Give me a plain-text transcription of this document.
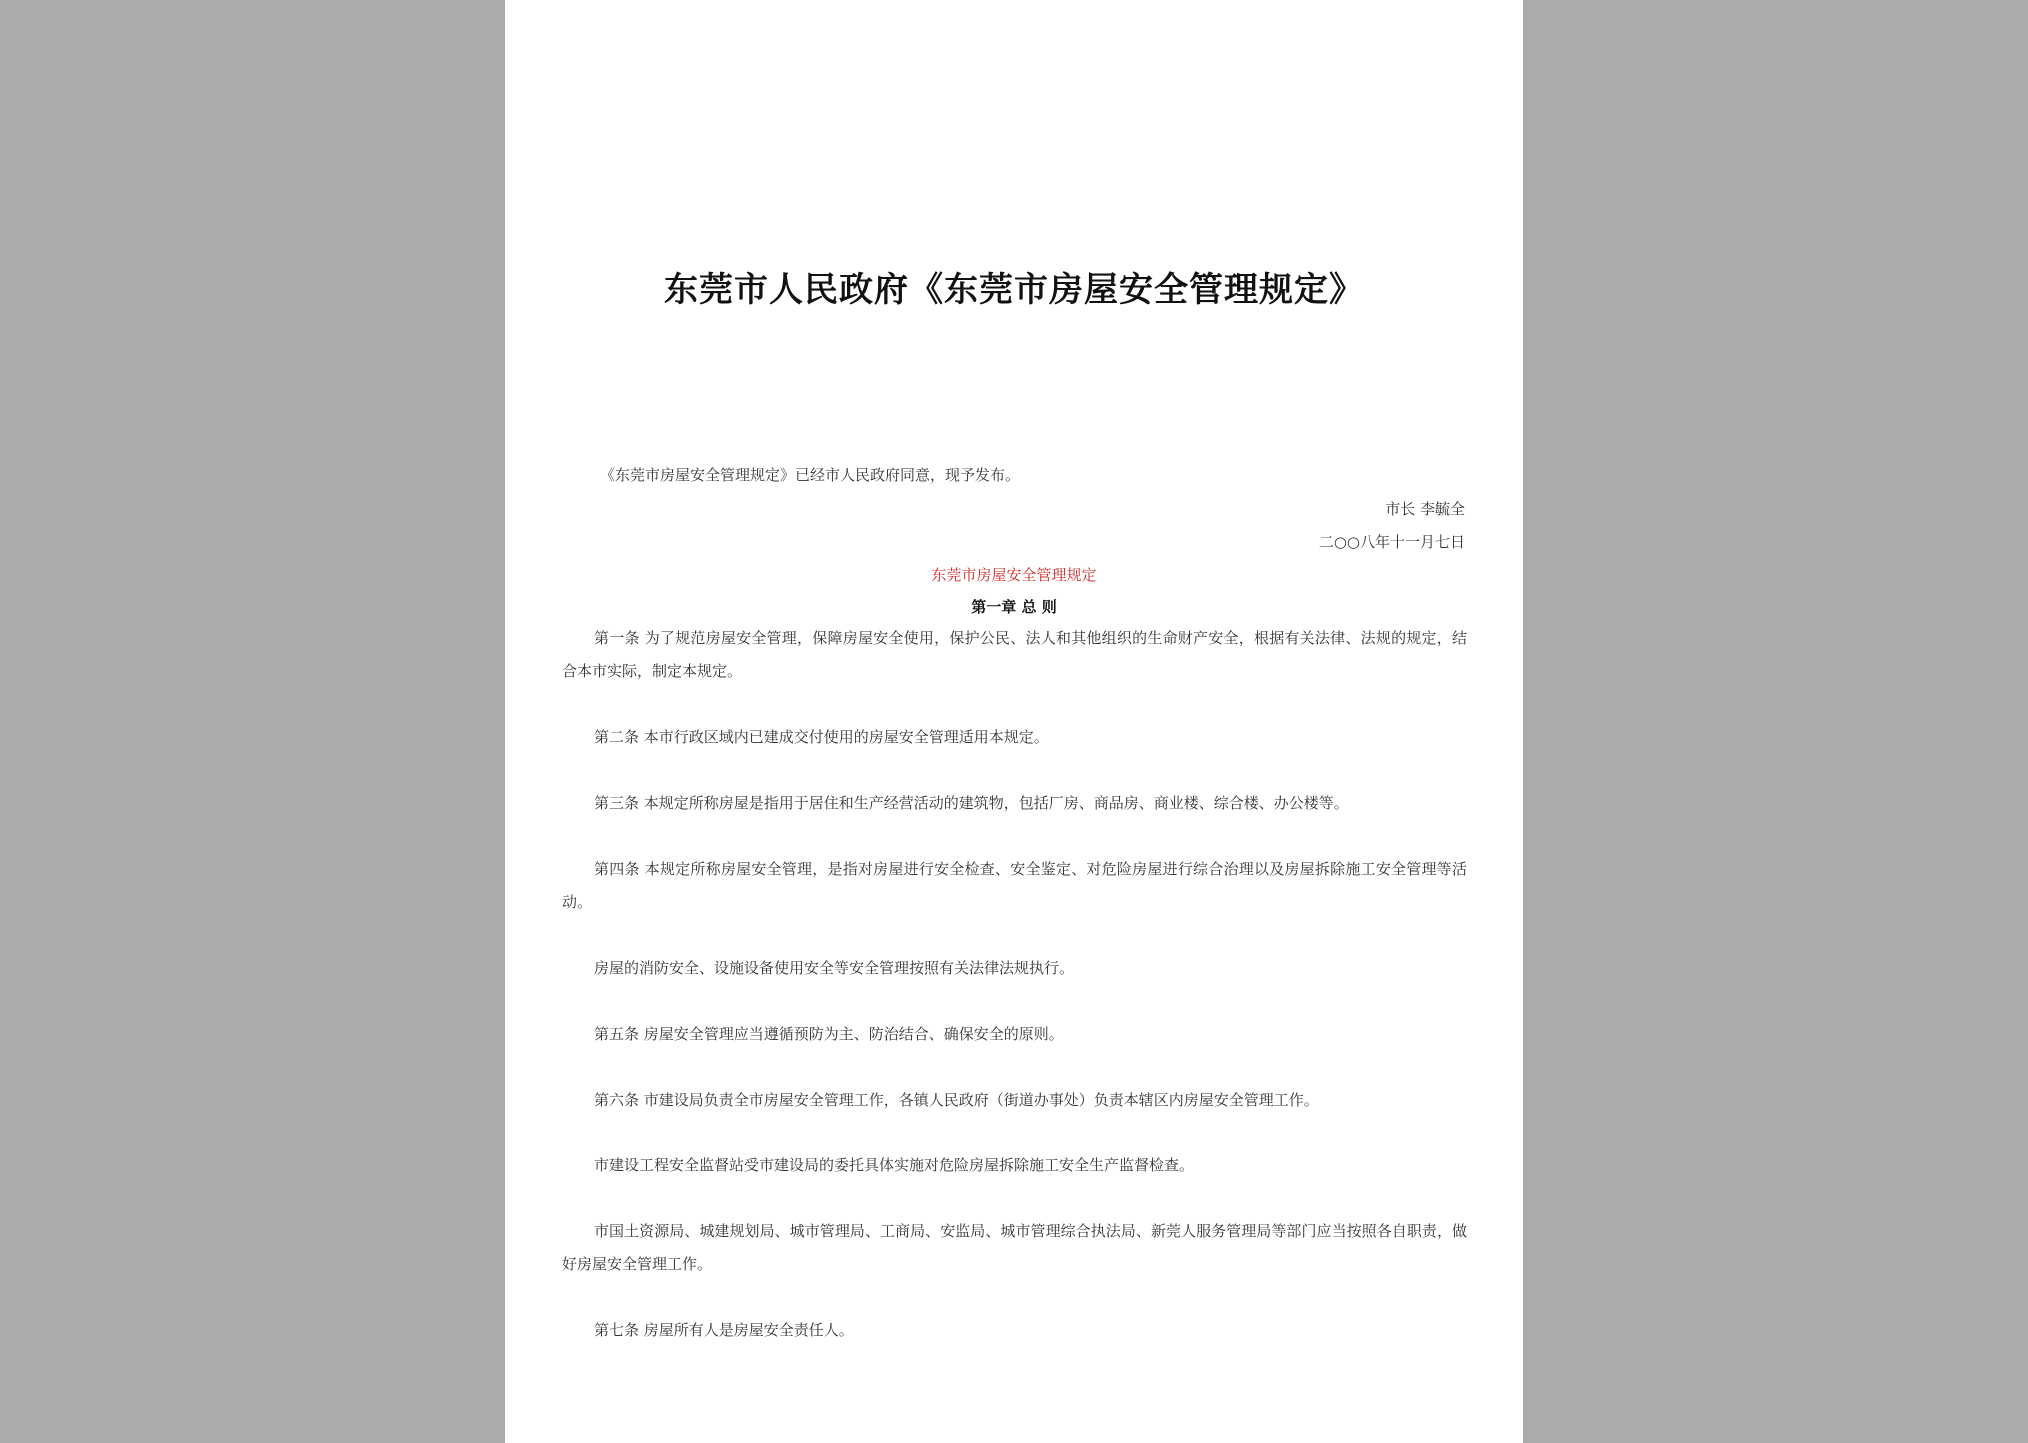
东莞市人民政府《东莞市房屋安全管理规定》
《东莞市房屋安全管理规定》已经市人民政府同意，现予发布。
市长 李毓全
二○○八年十一月七日
东莞市房屋安全管理规定
第一章 总 则
第一条 为了规范房屋安全管理，保障房屋安全使用，保护公民、法人和其他组织的生命财产安全，根据有关法律、法规的规定，结合本市实际，制定本规定。
第二条 本市行政区域内已建成交付使用的房屋安全管理适用本规定。
第三条 本规定所称房屋是指用于居住和生产经营活动的建筑物，包括厂房、商品房、商业楼、综合楼、办公楼等。
第四条 本规定所称房屋安全管理，是指对房屋进行安全检查、安全鉴定、对危险房屋进行综合治理以及房屋拆除施工安全管理等活动。
房屋的消防安全、设施设备使用安全等安全管理按照有关法律法规执行。
第五条 房屋安全管理应当遵循预防为主、防治结合、确保安全的原则。
第六条 市建设局负责全市房屋安全管理工作，各镇人民政府（街道办事处）负责本辖区内房屋安全管理工作。
市建设工程安全监督站受市建设局的委托具体实施对危险房屋拆除施工安全生产监督检查。
市国土资源局、城建规划局、城市管理局、工商局、安监局、城市管理综合执法局、新莞人服务管理局等部门应当按照各自职责，做好房屋安全管理工作。
第七条 房屋所有人是房屋安全责任人。
